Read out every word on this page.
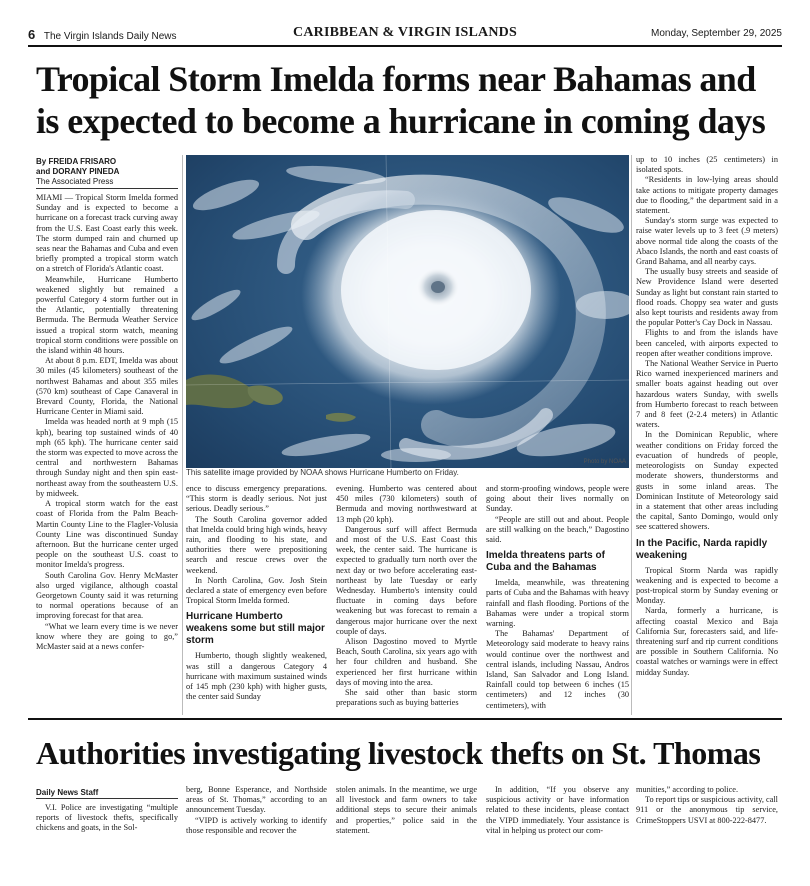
6 The Virgin Islands Daily News	CARIBBEAN & VIRGIN ISLANDS	Monday, September 29, 2025
Tropical Storm Imelda forms near Bahamas and is expected to become a hurricane in coming days
By FREIDA FRISARO
and DORANY PINEDA
The Associated Press
Photo by NOAA
This satellite image provided by NOAA shows Hurricane Humberto on Friday.

MIAMI — Tropical Storm Imelda formed Sunday and is expected to become a hurricane on a forecast track curving away from the U.S. East Coast early this week. The storm dumped rain and churned up seas near the Bahamas and Cuba and even briefly prompted a tropical storm watch on a stretch of Florida's Atlantic coast.

Meanwhile, Hurricane Humberto weakened slightly but remained a powerful Category 4 storm further out in the Atlantic, potentially threatening Bermuda. The Bermuda Weather Service issued a tropical storm watch, meaning tropical storm conditions were possible on the island within 48 hours.

At about 8 p.m. EDT, Imelda was about 30 miles (45 kilometers) southeast of the northwest Bahamas and about 355 miles (570 km) southeast of Cape Canaveral in Brevard County, Florida, the National Hurricane Center in Miami said.

Imelda was headed north at 9 mph (15 kph), bearing top sustained winds of 40 mph (65 kph). The hurricane center said the storm was expected to move across the central and northwestern Bahamas through Sunday night and then spin east-northeast away from the southeastern U.S. by midweek.

A tropical storm watch for the east coast of Florida from the Palm Beach-Martin County Line to the Flagler-Volusia County Line was discontinued Sunday afternoon. But the hurricane center urged people on the southeast U.S. coast to monitor Imelda's progress.

South Carolina Gov. Henry McMaster also urged vigilance, although coastal Georgetown County said it was returning to normal operations because of an improving forecast for that area.

“What we learn every time is we never know where they are going to go,” McMaster said at a news confer-

ence to discuss emergency preparations. “This storm is deadly serious. Not just serious. Deadly serious.”

The South Carolina governor added that Imelda could bring high winds, heavy rain, and flooding to his state, and authorities there were prepositioning search and rescue crews over the weekend.

In North Carolina, Gov. Josh Stein declared a state of emergency even before Tropical Storm Imelda formed.

Hurricane Humberto weakens some but still major storm

Humberto, though slightly weakened, was still a dangerous Category 4 hurricane with maximum sustained winds of 145 mph (230 kph) with higher gusts, the center said Sunday

evening. Humberto was centered about 450 miles (730 kilometers) south of Bermuda and moving northwestward at 13 mph (20 kph).

Dangerous surf will affect Bermuda and most of the U.S. East Coast this week, the center said. The hurricane is expected to gradually turn north over the next day or two before accelerating east-northeast by late Tuesday or early Wednesday. Humberto's intensity could fluctuate in coming days before weakening but was forecast to remain a dangerous major hurricane over the next couple of days.

Alison Dagostino moved to Myrtle Beach, South Carolina, six years ago with her four children and husband. She experienced her first hurricane within days of moving into the area.

She said other than basic storm preparations such as buying batteries

and storm-proofing windows, people were going about their lives normally on Sunday.

“People are still out and about. People are still walking on the beach,” Dagostino said.

Imelda threatens parts of Cuba and the Bahamas

Imelda, meanwhile, was threatening parts of Cuba and the Bahamas with heavy rainfall and flash flooding. Portions of the Bahamas were under a tropical storm warning.

The Bahamas' Department of Meteorology said moderate to heavy rains would continue over the northwest and central islands, including Nassau, Andros Island, San Salvador and Long Island. Rainfall could top between 6 inches (15 centimeters) and 12 inches (30 centimeters), with

up to 10 inches (25 centimeters) in isolated spots.

“Residents in low-lying areas should take actions to mitigate property damages due to flooding,” the department said in a statement.

Sunday's storm surge was expected to raise water levels up to 3 feet (.9 meters) above normal tide along the coasts of the Abaco Islands, the north and east coasts of Grand Bahama, and all nearby cays.

The usually busy streets and seaside of New Providence Island were deserted Sunday as light but constant rain started to flood roads. Choppy sea water and gusts also kept tourists and residents away from the popular Potter's Cay Dock in Nassau.

Flights to and from the islands have been canceled, with airports expected to reopen after weather conditions improve.

The National Weather Service in Puerto Rico warned inexperienced mariners and smaller boats against heading out over hazardous waters Sunday, with swells from Humberto forecast to reach between 7 and 8 feet (2-2.4 meters) in Atlantic waters.

In the Dominican Republic, where weather conditions on Friday forced the evacuation of hundreds of people, meteorologists on Sunday expected moderate showers, thunderstorms and gusts in some inland areas. The Dominican Institute of Meteorology said in a statement that other areas including the capital, Santo Domingo, would only see scattered showers.

In the Pacific, Narda rapidly weakening

Tropical Storm Narda was rapidly weakening and is expected to become a post-tropical storm by Sunday evening or Monday.

Narda, formerly a hurricane, is affecting coastal Mexico and Baja California Sur, forecasters said, and life-threatening surf and rip current conditions are possible in Southern California. No coastal watches or warnings were in effect midday Sunday.

Authorities investigating livestock thefts on St. Thomas
Daily News Staff

V.I. Police are investigating “multiple reports of livestock thefts, specifically chickens and goats, in the Sol-

berg, Bonne Esperance, and Northside areas of St. Thomas,” according to an announcement Tuesday.

“VIPD is actively working to identify those responsible and recover the

stolen animals. In the meantime, we urge all livestock and farm owners to take additional steps to secure their animals and properties,” police said in the statement.

In addition, “If you observe any suspicious activity or have information related to these incidents, please contact the VIPD immediately. Your assistance is vital in helping us protect our com-

munities,” according to police.

To report tips or suspicious activity, call 911 or the anonymous tip service, CrimeStoppers USVI at 800-222-8477.
